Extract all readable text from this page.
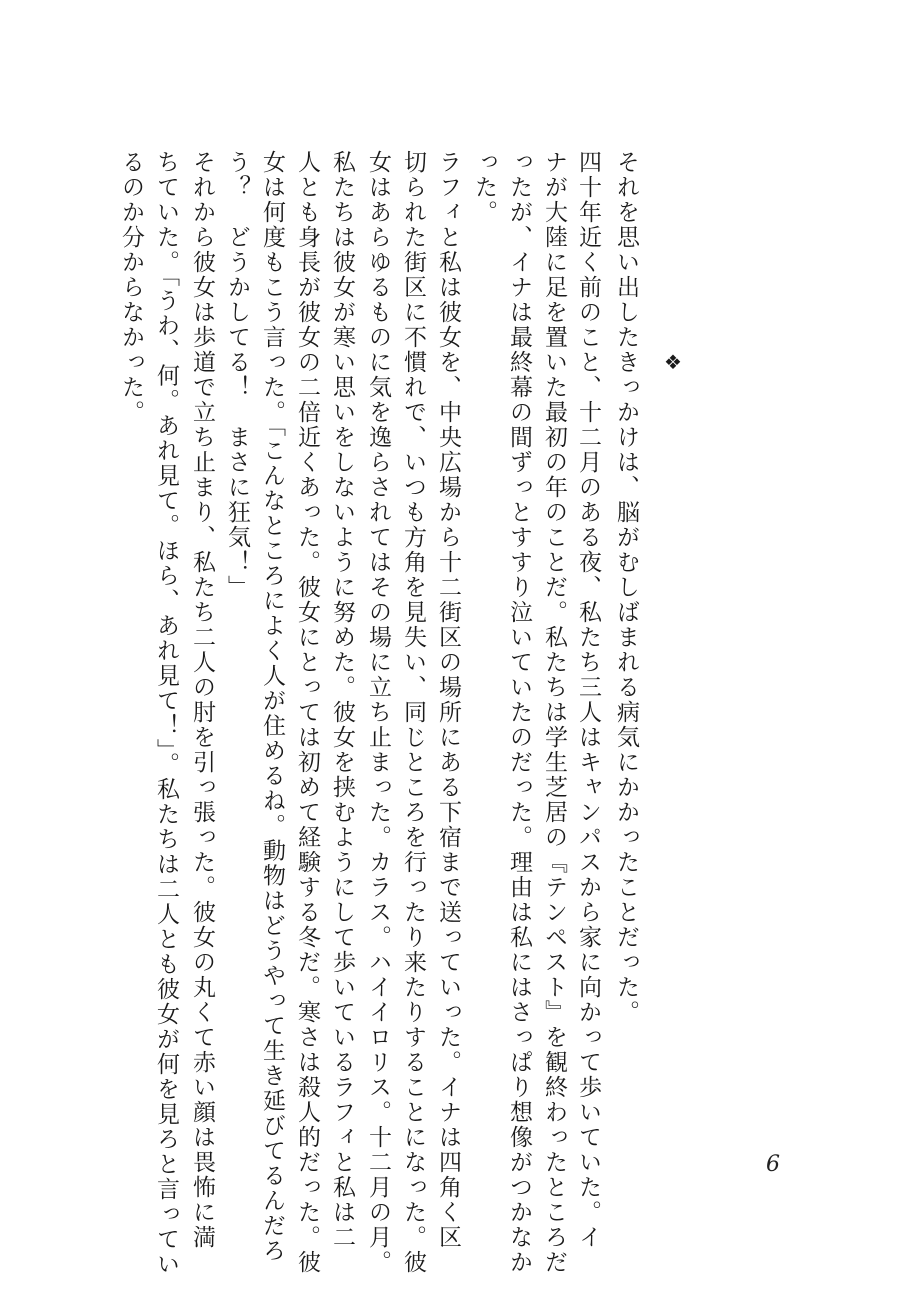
それを思い出したきっかけは、脳がむしばまれる病気にかかったことだった。
四十年近く前のこと、十二月のある夜、私たち三人はキャンパスから家に向かって歩いていた。イ
ナが大陸に足を置いた最初の年のことだ。私たちは学生芝居の『テンペスト』を観終わったところだ
ったが、イナは最終幕の間ずっとすすり泣いていたのだった。理由は私にはさっぱり想像がつかなか
った。
❖
ラフィと私は彼女を、中央広場から十二街区の場所にある下宿まで送っていった。イナは四角く区
切られた街区に不慣れで、いつも方角を見失い、同じところを行ったり来たりすることになった。彼
女はあらゆるものに気を逸らされてはその場に立ち止まった。カラス。ハイイロリス。十二月の月。
私たちは彼女が寒い思いをしないように努めた。彼女を挟むようにして歩いているラフィと私は二
人とも身長が彼女の二倍近くあった。彼女にとっては初めて経験する冬だ。寒さは殺人的だった。彼
女は何度もこう言った。「こんなところによく人が住めるね。動物はどうやって生き延びてるんだろ
う？　どうかしてる！　まさに狂気！」
それから彼女は歩道で立ち止まり、私たち二人の肘を引っ張った。彼女の丸くて赤い顔は畏怖に満
ちていた。「うわ、何。あれ見て。ほら、あれ見て！」。私たちは二人とも彼女が何を見ろと言ってい
るのか分からなかった。
6
